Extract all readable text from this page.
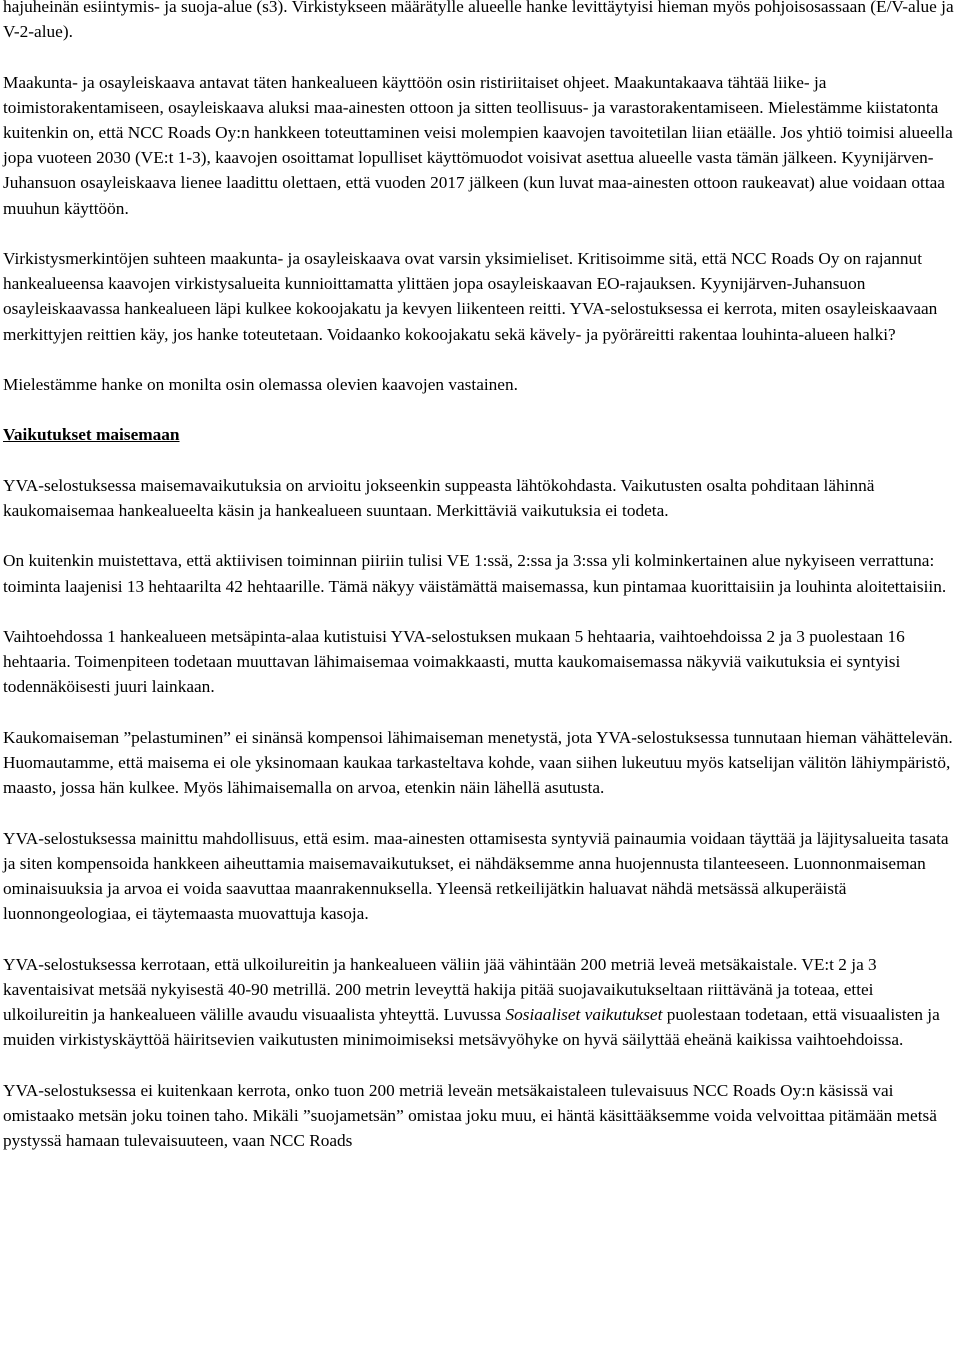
hajuheinän esiintymis- ja suoja-alue (s3). Virkistykseen määrätylle alueelle hanke levittäytyisi hieman myös pohjoisosassaan (E/V-alue ja V-2-alue).

Maakunta- ja osayleiskaava antavat täten hankealueen käyttöön osin ristiriitaiset ohjeet. Maakuntakaava tähtää liike- ja toimistorakentamiseen, osayleiskaava aluksi maa-ainesten ottoon ja sitten teollisuus- ja varastorakentamiseen. Mielestämme kiistatonta kuitenkin on, että NCC Roads Oy:n hankkeen toteuttaminen veisi molempien kaavojen tavoitetilan liian etäälle. Jos yhtiö toimisi alueella jopa vuoteen 2030 (VE:t 1-3), kaavojen osoittamat lopulliset käyttömuodot voisivat asettua alueelle vasta tämän jälkeen. Kyynijärven-Juhansuon osayleiskaava lienee laadittu olettaen, että vuoden 2017 jälkeen (kun luvat maa-ainesten ottoon raukeavat) alue voidaan ottaa muuhun käyttöön.

Virkistysmerkintöjen suhteen maakunta- ja osayleiskaava ovat varsin yksimieliset. Kritisoimme sitä, että NCC Roads Oy on rajannut hankealueensa kaavojen virkistysalueita kunnioittamatta ylittäen jopa osayleiskaavan EO-rajauksen. Kyynijärven-Juhansuon osayleiskaavassa hankealueen läpi kulkee kokoojakatu ja kevyen liikenteen reitti. YVA-selostuksessa ei kerrota, miten osayleiskaavaan merkittyjen reittien käy, jos hanke toteutetaan. Voidaanko kokoojakatu sekä kävely- ja pyöräreitti rakentaa louhinta-alueen halki?

Mielestämme hanke on monilta osin olemassa olevien kaavojen vastainen.

Vaikutukset maisemaan

YVA-selostuksessa maisemavaikutuksia on arvioitu jokseenkin suppeasta lähtökohdasta. Vaikutusten osalta pohditaan lähinnä kaukomaisemaa hankealueelta käsin ja hankealueen suuntaan. Merkittäviä vaikutuksia ei todeta.

On kuitenkin muistettava, että aktiivisen toiminnan piiriin tulisi VE 1:ssä, 2:ssa ja 3:ssa yli kolminkertainen alue nykyiseen verrattuna: toiminta laajenisi 13 hehtaarilta 42 hehtaarille. Tämä näkyy väistämättä maisemassa, kun pintamaa kuorittaisiin ja louhinta aloitettaisiin.

Vaihtoehdossa 1 hankealueen metsäpinta-alaa kutistuisi YVA-selostuksen mukaan 5 hehtaaria, vaihtoehdoissa 2 ja 3 puolestaan 16 hehtaaria. Toimenpiteen todetaan muuttavan lähimaisemaa voimakkaasti, mutta kaukomaisemassa näkyviä vaikutuksia ei syntyisi todennäköisesti juuri lainkaan.

Kaukomaiseman ”pelastuminen” ei sinänsä kompensoi lähimaiseman menetystä, jota YVA-selostuksessa tunnutaan hieman vähättelevän. Huomautamme, että maisema ei ole yksinomaan kaukaa tarkasteltava kohde, vaan siihen lukeutuu myös katselijan välitön lähiympäristö, maasto, jossa hän kulkee. Myös lähimaisemalla on arvoa, etenkin näin lähellä asutusta.

YVA-selostuksessa mainittu mahdollisuus, että esim. maa-ainesten ottamisesta syntyviä painaumia voidaan täyttää ja läjitysalueita tasata ja siten kompensoida hankkeen aiheuttamia maisemavaikutukset, ei nähdäksemme anna huojennusta tilanteeseen. Luonnonmaiseman ominaisuuksia ja arvoa ei voida saavuttaa maanrakennuksella. Yleensä retkeilijätkin haluavat nähdä metsässä alkuperäistä luonnongeologiaa, ei täytemaasta muovattuja kasoja.

YVA-selostuksessa kerrotaan, että ulkoilureitin ja hankealueen väliin jää vähintään 200 metriä leveä metsäkaistale. VE:t 2 ja 3 kaventaisivat metsää nykyisestä 40-90 metrillä. 200 metrin leveyttä hakija pitää suojavaikutukseltaan riittävänä ja toteaa, ettei ulkoilureitin ja hankealueen välille avaudu visuaalista yhteyttä. Luvussa Sosiaaliset vaikutukset puolestaan todetaan, että visuaalisten ja muiden virkistyskäyttöä häiritsevien vaikutusten minimoimiseksi metsävyöhyke on hyvä säilyttää eheänä kaikissa vaihtoehdoissa.

YVA-selostuksessa ei kuitenkaan kerrota, onko tuon 200 metriä leveän metsäkaistaleen tulevaisuus NCC Roads Oy:n käsissä vai omistaako metsän joku toinen taho. Mikäli ”suojametsän” omistaa joku muu, ei häntä käsittääksemme voida velvoittaa pitämään metsä pystyssä hamaan tulevaisuuteen, vaan NCC Roads
